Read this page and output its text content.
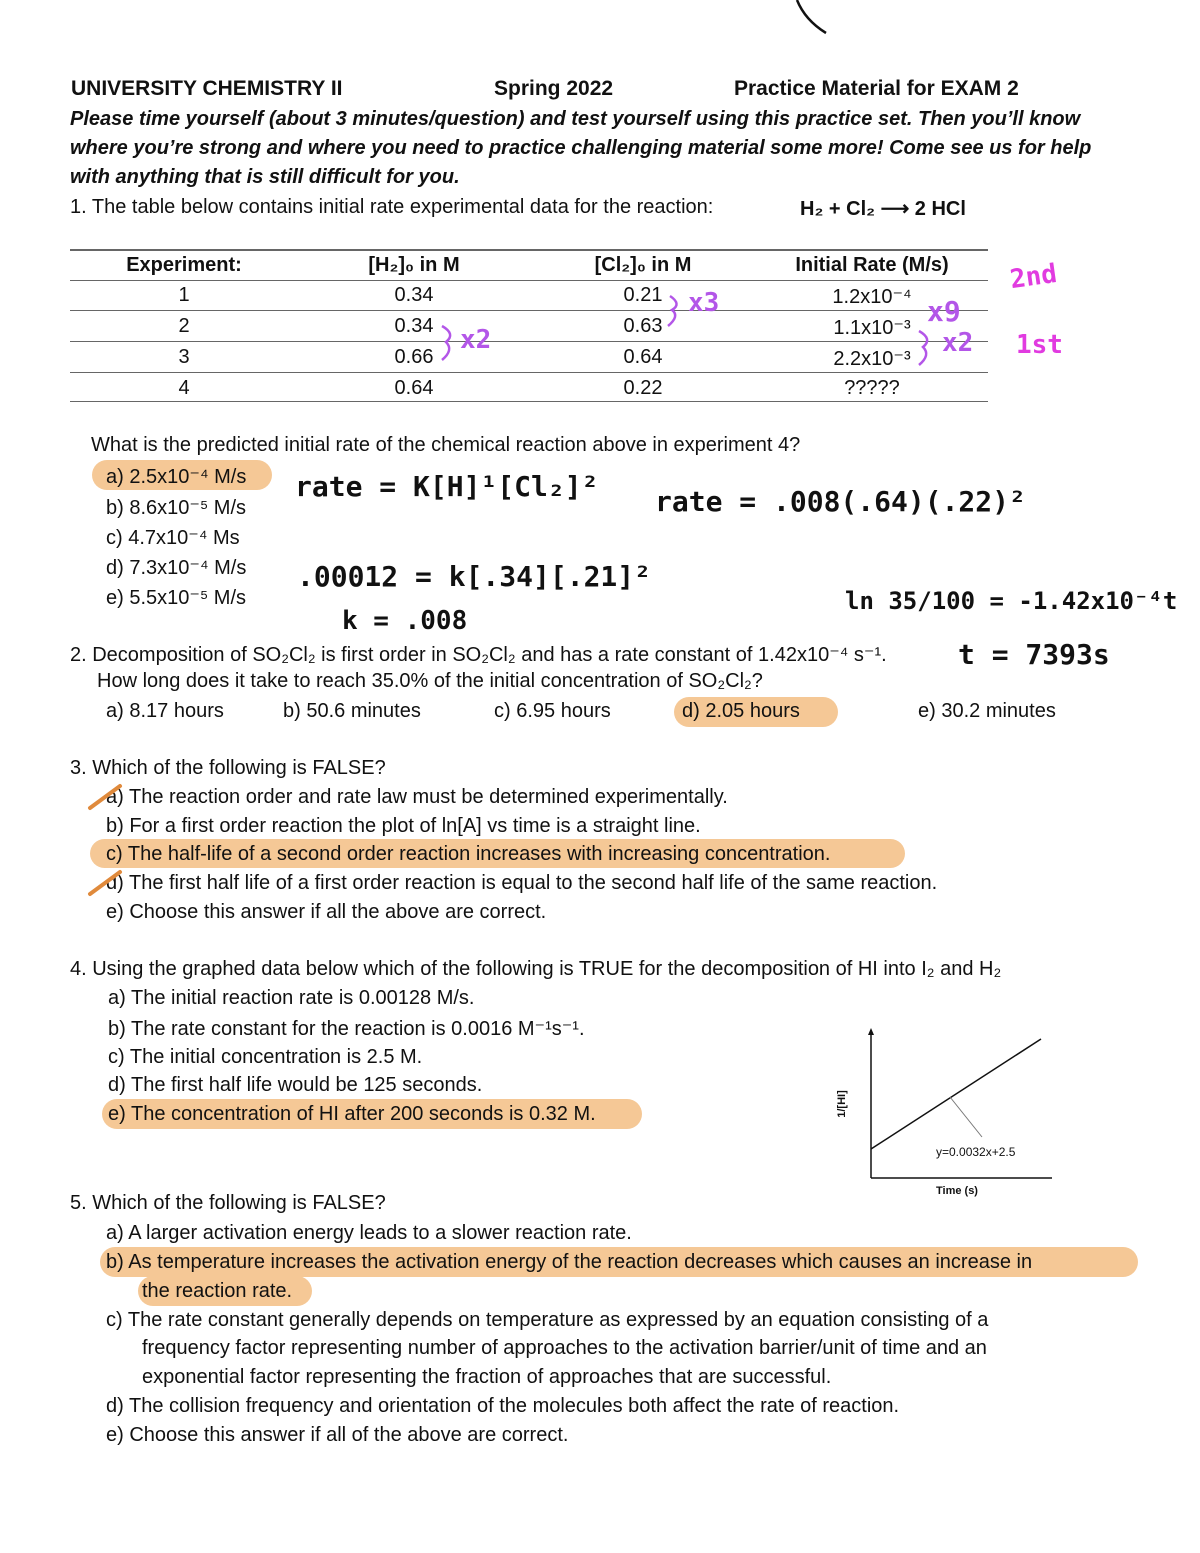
UNIVERSITY CHEMISTRY II	Spring 2022	Practice Material for EXAM 2
Please time yourself (about 3 minutes/question) and test yourself using this practice set. Then you’ll know
where you’re strong and where you need to practice challenging material some more! Come see us for help
with anything that is still difficult for you.
1. The table below contains initial rate experimental data for the reaction:	H₂ + Cl₂ ⟶ 2 HCl
Experiment:	[H₂]₀ in M	[Cl₂]₀ in M	Initial Rate (M/s)
1	0.34	0.21	1.2x10⁻⁴
2	0.34	0.63	1.1x10⁻³
3	0.66	0.64	2.2x10⁻³
4	0.64	0.22	?????
x3
x2
x9
x2
2nd
1st
What is the predicted initial rate of the chemical reaction above in experiment 4?
a) 2.5x10⁻⁴ M/s
b) 8.6x10⁻⁵ M/s
c) 4.7x10⁻⁴ Ms
d) 7.3x10⁻⁴ M/s
e) 5.5x10⁻⁵ M/s
rate = K[H]¹[Cl₂]² rate = .008(.64)(.22)²
.00012 = k[.34][.21]²
k = .008
ln 35/100 = -1.42x10⁻⁴t
t = 7393s
2. Decomposition of SO₂Cl₂ is first order in SO₂Cl₂ and has a rate constant of 1.42x10⁻⁴ s⁻¹.
How long does it take to reach 35.0% of the initial concentration of SO₂Cl₂?
a) 8.17 hours	b) 50.6 minutes	c) 6.95 hours	d) 2.05 hours	e) 30.2 minutes
3. Which of the following is FALSE?
a) The reaction order and rate law must be determined experimentally.
b) For a first order reaction the plot of ln[A] vs time is a straight line.
c) The half-life of a second order reaction increases with increasing concentration.
d) The first half life of a first order reaction is equal to the second half life of the same reaction.
e) Choose this answer if all the above are correct.
4. Using the graphed data below which of the following is TRUE for the decomposition of HI into I₂ and H₂
a) The initial reaction rate is 0.00128 M/s.
b) The rate constant for the reaction is 0.0016 M⁻¹s⁻¹.
c) The initial concentration is 2.5 M.
d) The first half life would be 125 seconds.
e) The concentration of HI after 200 seconds is 0.32 M.	1/[HI]
Time (s)
y=0.0032x+2.5
5. Which of the following is FALSE?
a) A larger activation energy leads to a slower reaction rate.
b) As temperature increases the activation energy of the reaction decreases which causes an increase in
the reaction rate.
c) The rate constant generally depends on temperature as expressed by an equation consisting of a
frequency factor representing number of approaches to the activation barrier/unit of time and an
exponential factor representing the fraction of approaches that are successful.
d) The collision frequency and orientation of the molecules both affect the rate of reaction.
e) Choose this answer if all of the above are correct.
